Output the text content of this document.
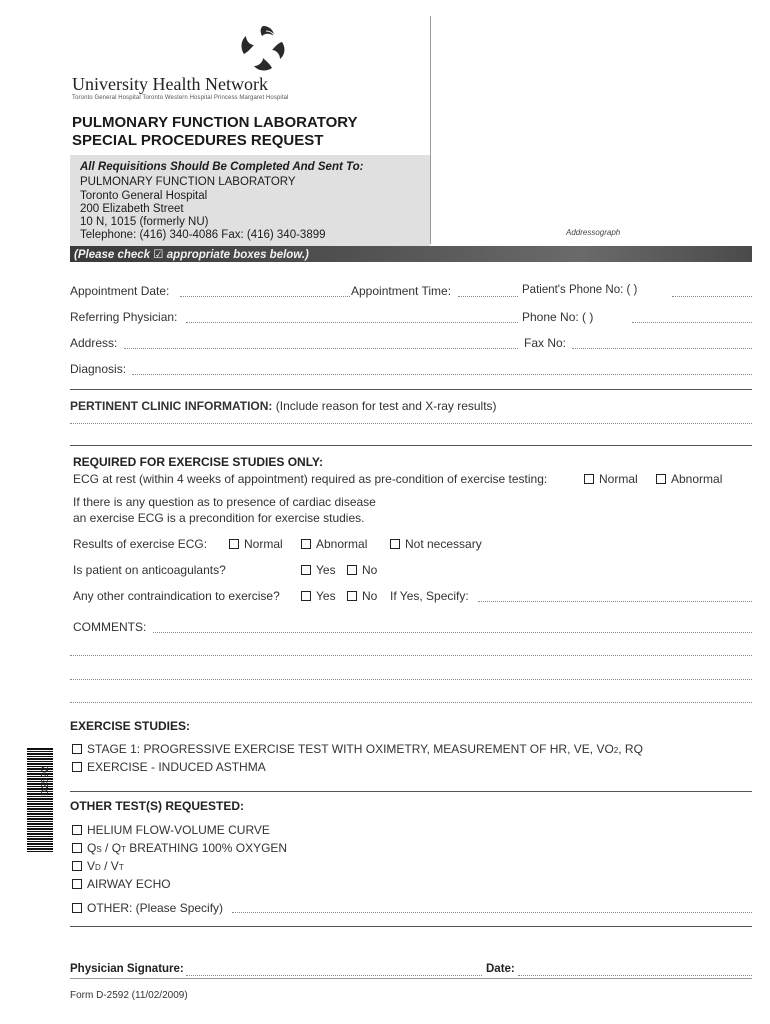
University Health Network
Toronto General Hospital Toronto Western Hospital Princess Margaret Hospital
PULMONARY FUNCTION LABORATORY
SPECIAL PROCEDURES REQUEST
All Requisitions Should Be Completed And Sent To:
PULMONARY FUNCTION LABORATORY
Toronto General Hospital
200 Elizabeth Street
10 N, 1015 (formerly NU)
Telephone: (416) 340-4086 Fax: (416) 340-3899	Addressograph
(Please check ☑ appropriate boxes below.)
Appointment Date:	Appointment Time:	Patient's Phone No: ( )
Referring Physician:	Phone No: ( )
Address:	Fax No:
Diagnosis:
PERTINENT CLINIC INFORMATION: (Include reason for test and X-ray results)
REQUIRED FOR EXERCISE STUDIES ONLY:
ECG at rest (within 4 weeks of appointment) required as pre-condition of exercise testing:	Normal	Abnormal
If there is any question as to presence of cardiac disease
an exercise ECG is a precondition for exercise studies.
Results of exercise ECG:	Normal	Abnormal	Not necessary
Is patient on anticoagulants?	Yes	No
Any other contraindication to exercise?	Yes	No If Yes, Specify:
COMMENTS:
EXERCISE STUDIES:
STAGE 1: PROGRESSIVE EXERCISE TEST WITH OXIMETRY, MEASUREMENT OF HR, VE, VO2, RQ
EXERCISE - INDUCED ASTHMA
OTHER TEST(S) REQUESTED:
HELIUM FLOW-VOLUME CURVE
QS / QT BREATHING 100% OXYGEN
VD / VT
AIRWAY ECHO
OTHER: (Please Specify)
Physician Signature:	Date:
Form D-2592 (11/02/2009)
D2592
